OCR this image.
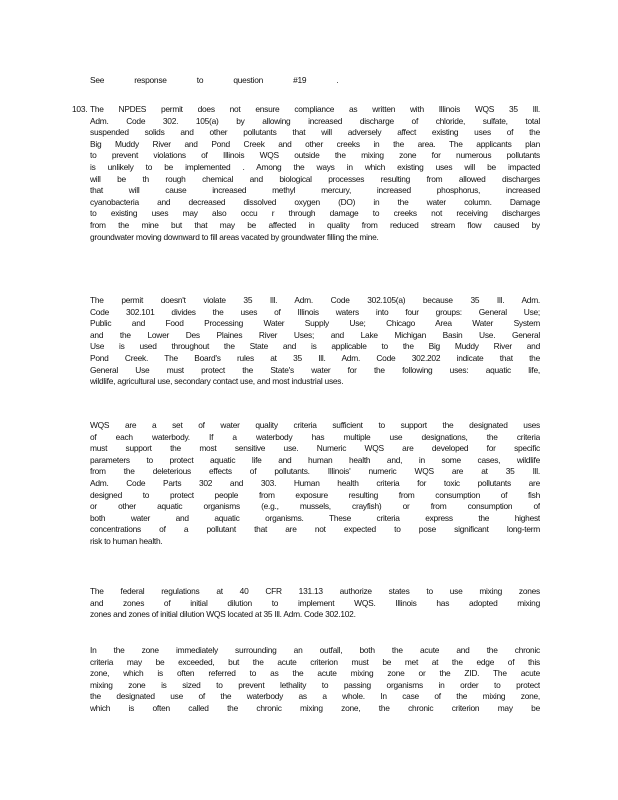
See	response	to	question	#19	.
103. The NPDES permit does not ensure compliance as written with Illinois WQS 35 Ill.
Adm. Code 302. 105(a) by allowing increased discharge of chloride, sulfate, total
suspended solids and other pollutants that will adversely affect existing uses of the
Big Muddy River and Pond Creek and other creeks in the area. The applicants plan
to prevent violations of Illinois WQS outside the mixing zone for numerous pollutants
is unlikely to be implemented . Among the ways in which existing uses will be impacted
will be th rough chemical and biological processes resulting from allowed discharges
that will cause increased methyl mercury, increased phosphorus, increased
cyanobacteria and decreased dissolved oxygen (DO) in the water column. Damage
to existing uses may also occu r through damage to creeks not receiving discharges
from the mine but that may be affected in quality from reduced stream flow caused by
groundwater moving downward to fill areas vacated by groundwater filling the mine.
The permit doesn't violate 35 Ill. Adm. Code 302.105(a) because 35 Ill. Adm.
Code 302.101 divides the uses of Illinois waters into four groups: General Use;
Public and Food Processing Water Supply Use; Chicago Area Water System
and the Lower Des Plaines River Uses; and Lake Michigan Basin Use. General
Use is used throughout the State and is applicable to the Big Muddy River and
Pond Creek. The Board's rules at 35 Ill. Adm. Code 302.202 indicate that the
General Use must protect the State's water for the following uses: aquatic life,
wildlife, agricultural use, secondary contact use, and most industrial uses.
WQS are a set of water quality criteria sufficient to support the designated uses
of each waterbody. If a waterbody has multiple use designations, the criteria
must support the most sensitive use. Numeric WQS are developed for specific
parameters to protect aquatic life and human health and, in some cases, wildlife
from the deleterious effects of pollutants. Illinois' numeric WQS are at 35 Ill.
Adm. Code Parts 302 and 303. Human health criteria for toxic pollutants are
designed to protect people from exposure resulting from consumption of fish
or other aquatic organisms (e.g., mussels, crayfish) or from consumption of
both water and aquatic organisms. These criteria express the highest
concentrations of a pollutant that are not expected to pose significant long-term
risk to human health.
The federal regulations at 40 CFR 131.13 authorize states to use mixing zones
and zones of initial dilution to implement WQS. Illinois has adopted mixing
zones and zones of initial dilution WQS located at 35 Ill. Adm. Code 302.102.
In the zone immediately surrounding an outfall, both the acute and the chronic
criteria may be exceeded, but the acute criterion must be met at the edge of this
zone, which is often referred to as the acute mixing zone or the ZID. The acute
mixing zone is sized to prevent lethality to passing organisms in order to protect
the designated use of the waterbody as a whole. In case of the mixing zone,
which is often called the chronic mixing zone, the chronic criterion may be
